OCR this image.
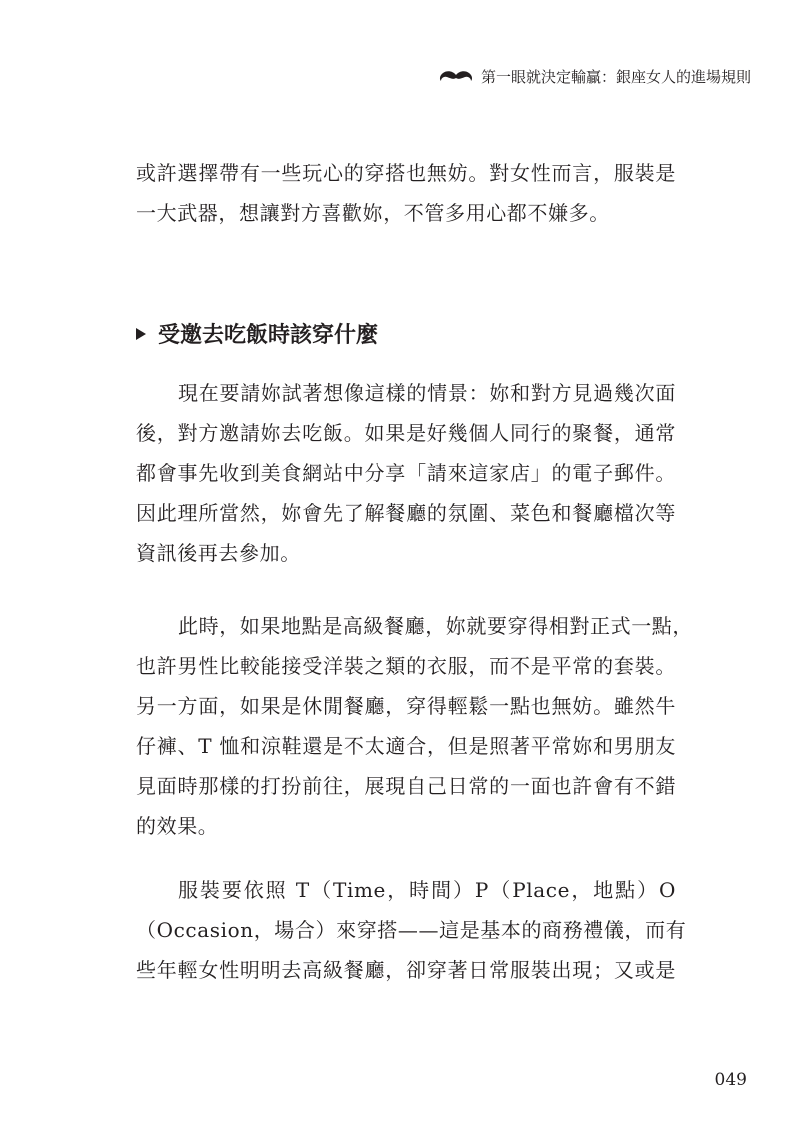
第一眼就決定輸贏：銀座女人的進場規則
或許選擇帶有一些玩心的穿搭也無妨。對女性而言，服裝是
一大武器，想讓對方喜歡妳，不管多用心都不嫌多。
受邀去吃飯時該穿什麼
現在要請妳試著想像這樣的情景：妳和對方見過幾次面
後，對方邀請妳去吃飯。如果是好幾個人同行的聚餐，通常
都會事先收到美食網站中分享「請來這家店」的電子郵件。
因此理所當然，妳會先了解餐廳的氛圍、菜色和餐廳檔次等
資訊後再去參加。
此時，如果地點是高級餐廳，妳就要穿得相對正式一點，
也許男性比較能接受洋裝之類的衣服，而不是平常的套裝。
另一方面，如果是休閒餐廳，穿得輕鬆一點也無妨。雖然牛
仔褲、T 恤和涼鞋還是不太適合，但是照著平常妳和男朋友
見面時那樣的打扮前往，展現自己日常的一面也許會有不錯
的效果。
服裝要依照 T（Time，時間）P（Place，地點）O
（Occasion，場合）來穿搭——這是基本的商務禮儀，而有
些年輕女性明明去高級餐廳，卻穿著日常服裝出現；又或是
049
